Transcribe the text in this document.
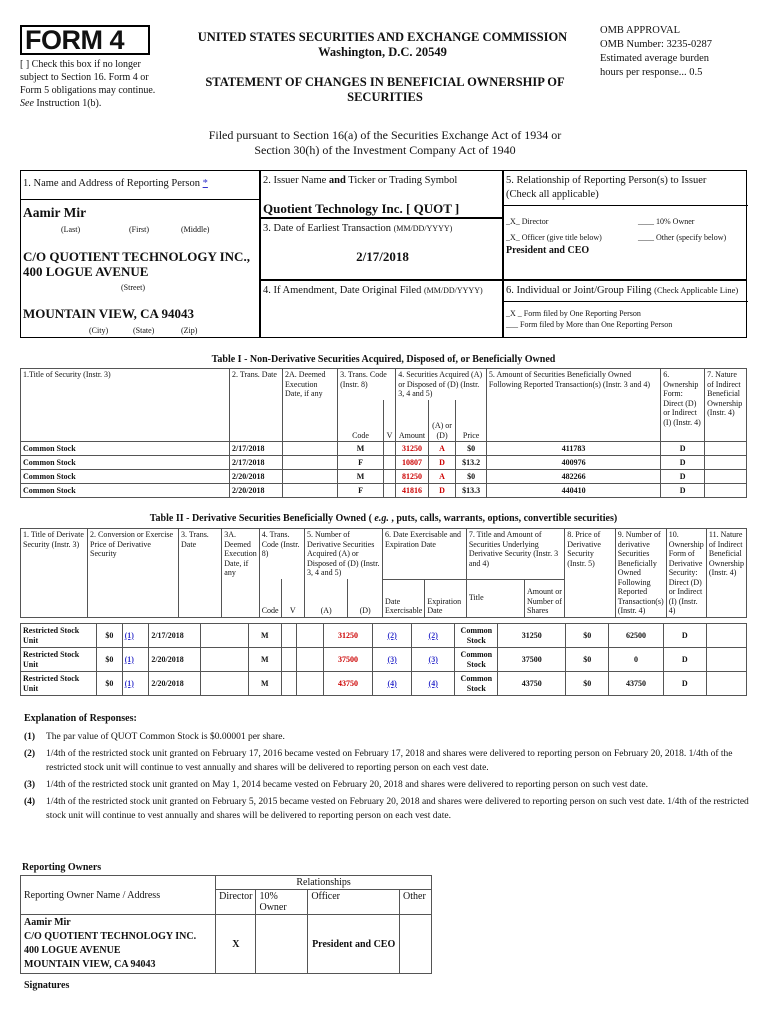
FORM 4
[ ] Check this box if no longer subject to Section 16. Form 4 or Form 5 obligations may continue. See Instruction 1(b).
UNITED STATES SECURITIES AND EXCHANGE COMMISSION
Washington, D.C. 20549
STATEMENT OF CHANGES IN BENEFICIAL OWNERSHIP OF SECURITIES
OMB APPROVAL
OMB Number: 3235-0287
Estimated average burden
hours per response... 0.5
Filed pursuant to Section 16(a) of the Securities Exchange Act of 1934 or
Section 30(h) of the Investment Company Act of 1940
1. Name and Address of Reporting Person *
Aamir Mir
(Last)	(First)	(Middle)
C/O QUOTIENT TECHNOLOGY INC., 400 LOGUE AVENUE
(Street)
MOUNTAIN VIEW, CA 94043
(City)	(State)	(Zip)
2. Issuer Name and Ticker or Trading Symbol
Quotient Technology Inc. [ QUOT ]
3. Date of Earliest Transaction (MM/DD/YYYY)
2/17/2018
4. If Amendment, Date Original Filed (MM/DD/YYYY)
5. Relationship of Reporting Person(s) to Issuer
(Check all applicable)
_X_ Director	____ 10% Owner
_X_ Officer (give title below)	____ Other (specify below)
President and CEO
6. Individual or Joint/Group Filing (Check Applicable Line)
_X _ Form filed by One Reporting Person
___ Form filed by More than One Reporting Person
Table I - Non-Derivative Securities Acquired, Disposed of, or Beneficially Owned
1.Title of Security (Instr. 3)	2. Trans. Date	2A. Deemed Execution Date, if any	3. Trans. Code (Instr. 8)		4. Securities Acquired (A) or Disposed of (D) (Instr. 3, 4 and 5)			5. Amount of Securities Beneficially Owned Following Reported Transaction(s) (Instr. 3 and 4)	6. Ownership Form: Direct (D) or Indirect (I) (Instr. 4)	7. Nature of Indirect Beneficial Ownership (Instr. 4)
			Code	V	Amount	(A) or (D)	Price			
Common Stock	2/17/2018		M		31250	A	$0	411783	D	
Common Stock	2/17/2018		F		10807	D	$13.2	400976	D	
Common Stock	2/20/2018		M		81250	A	$0	482266	D	
Common Stock	2/20/2018		F		41816	D	$13.3	440410	D	
Table II - Derivative Securities Beneficially Owned ( e.g. , puts, calls, warrants, options, convertible securities)
1. Title of Derivate Security (Instr. 3)	2. Conversion or Exercise Price of Derivative Security	3. Trans. Date	3A. Deemed Execution Date, if any	4. Trans. Code (Instr. 8)		5. Number of Derivative Securities Acquired (A) or Disposed of (D) (Instr. 3, 4 and 5)		6. Date Exercisable and Expiration Date		7. Title and Amount of Securities Underlying Derivative Security (Instr. 3 and 4)		8. Price of Derivative Security (Instr. 5)	9. Number of derivative Securities Beneficially Owned Following Reported Transaction(s) (Instr. 4)	10. Ownership Form of Derivative Security: Direct (D) or Indirect (I) (Instr. 4)	11. Nature of Indirect Beneficial Ownership (Instr. 4)
				Code	V	(A)	(D)	Date Exercisable	Expiration Date	Title	Amount or Number of Shares				
Restricted Stock Unit	$0	(1)	2/17/2018		M			31250	(2)	(2)	Common Stock	31250	$0	62500	D	
Restricted Stock Unit	$0	(1)	2/20/2018		M			37500	(3)	(3)	Common Stock	37500	$0	0	D	
Restricted Stock Unit	$0	(1)	2/20/2018		M			43750	(4)	(4)	Common Stock	43750	$0	43750	D	
Explanation of Responses:
(1)	The par value of QUOT Common Stock is $0.00001 per share.
(2)	1/4th of the restricted stock unit granted on February 17, 2016 became vested on February 17, 2018 and shares were delivered to reporting person on February 20, 2018. 1/4th of the restricted stock unit will continue to vest annually and shares will be delivered to reporting person on each vest date.
(3)	1/4th of the restricted stock unit granted on May 1, 2014 became vested on February 20, 2018 and shares were delivered to reporting person on such vest date.
(4)	1/4th of the restricted stock unit granted on February 5, 2015 became vested on February 20, 2018 and shares were delivered to reporting person on such vest date. 1/4th of the restricted stock unit will continue to vest annually and shares will be delivered to reporting person on each vest date.
Reporting Owners
Reporting Owner Name / Address	Relationships			
	Director	10% Owner	Officer	Other

Aamir Mir
C/O QUOTIENT TECHNOLOGY INC.
400 LOGUE AVENUE
MOUNTAIN VIEW, CA 94043	X		President and CEO	
Signatures
